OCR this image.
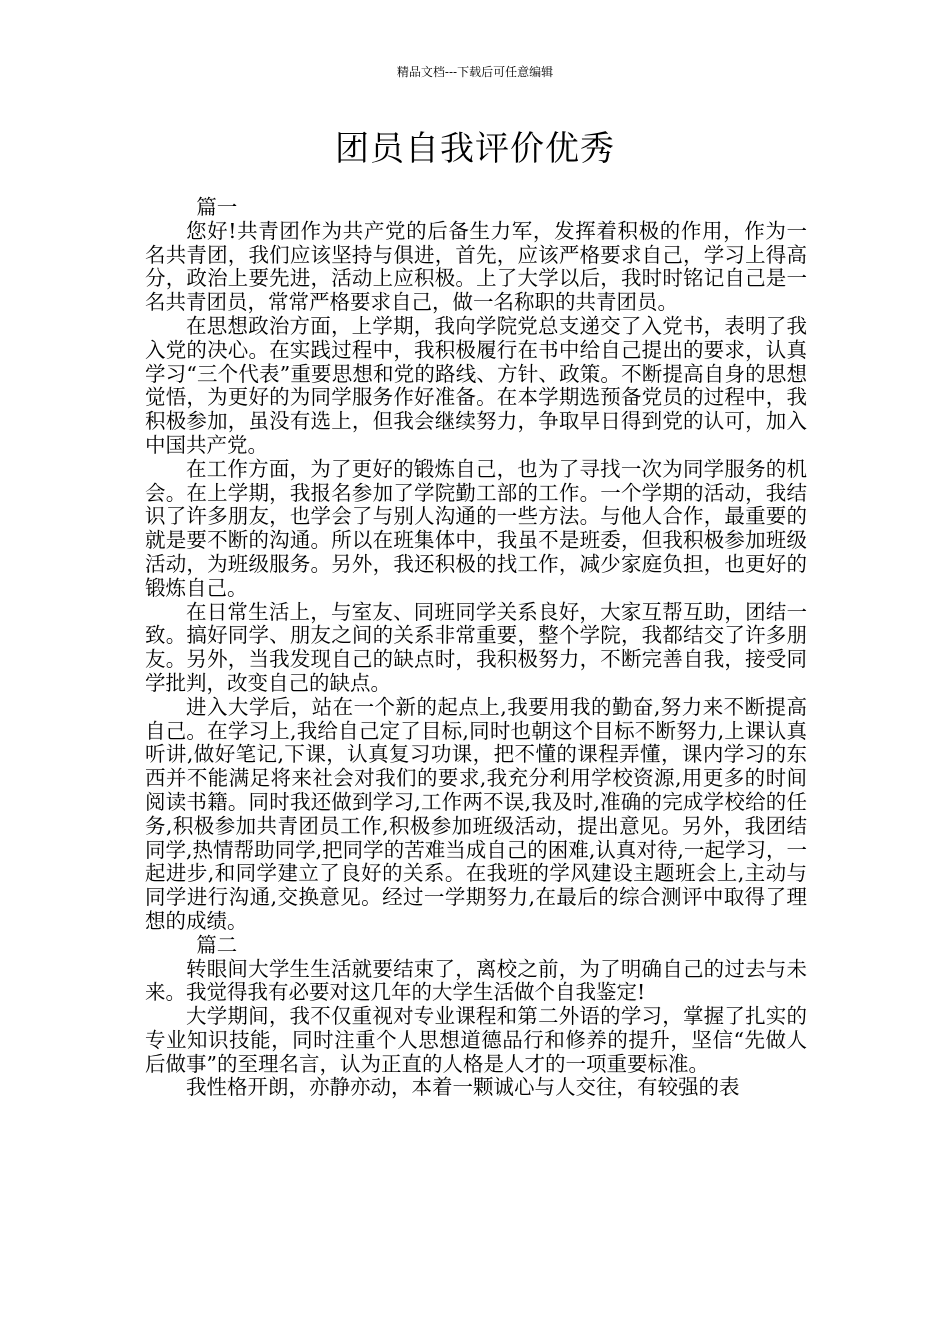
精品文档---下载后可任意编辑
团员自我评价优秀

篇一

您好!共青团作为共产党的后备生力军，发挥着积极的作用，作为一名共青团，我们应该坚持与俱进，首先，应该严格要求自己，学习上得高分，政治上要先进，活动上应积极。上了大学以后，我时时铭记自己是一名共青团员，常常严格要求自己，做一名称职的共青团员。

在思想政治方面，上学期，我向学院党总支递交了入党书，表明了我入党的决心。在实践过程中，我积极履行在书中给自己提出的要求，认真学习“三个代表”重要思想和党的路线、方针、政策。不断提高自身的思想觉悟，为更好的为同学服务作好准备。在本学期选预备党员的过程中，我积极参加，虽没有选上，但我会继续努力，争取早日得到党的认可，加入中国共产党。

在工作方面，为了更好的锻炼自己，也为了寻找一次为同学服务的机会。在上学期，我报名参加了学院勤工部的工作。一个学期的活动，我结识了许多朋友，也学会了与别人沟通的一些方法。与他人合作，最重要的就是要不断的沟通。所以在班集体中，我虽不是班委，但我积极参加班级活动，为班级服务。另外，我还积极的找工作，减少家庭负担，也更好的锻炼自己。

在日常生活上，与室友、同班同学关系良好，大家互帮互助，团结一致。搞好同学、朋友之间的关系非常重要，整个学院，我都结交了许多朋友。另外，当我发现自己的缺点时，我积极努力，不断完善自我，接受同学批判，改变自己的缺点。

进入大学后，站在一个新的起点上,我要用我的勤奋,努力来不断提高自己。在学习上,我给自己定了目标,同时也朝这个目标不断努力,上课认真听讲,做好笔记,下课，认真复习功课，把不懂的课程弄懂，课内学习的东西并不能满足将来社会对我们的要求,我充分利用学校资源,用更多的时间阅读书籍。同时我还做到学习,工作两不误,我及时,准确的完成学校给的任务,积极参加共青团员工作,积极参加班级活动，提出意见。另外，我团结同学,热情帮助同学,把同学的苦难当成自己的困难,认真对待,一起学习，一起进步,和同学建立了良好的关系。在我班的学风建设主题班会上,主动与同学进行沟通,交换意见。经过一学期努力,在最后的综合测评中取得了理想的成绩。

篇二

转眼间大学生生活就要结束了，离校之前，为了明确自己的过去与未来。我觉得我有必要对这几年的大学生活做个自我鉴定!

大学期间，我不仅重视对专业课程和第二外语的学习，掌握了扎实的专业知识技能，同时注重个人思想道德品行和修养的提升，坚信“先做人后做事”的至理名言，认为正直的人格是人才的一项重要标准。

我性格开朗，亦静亦动，本着一颗诚心与人交往，有较强的表
